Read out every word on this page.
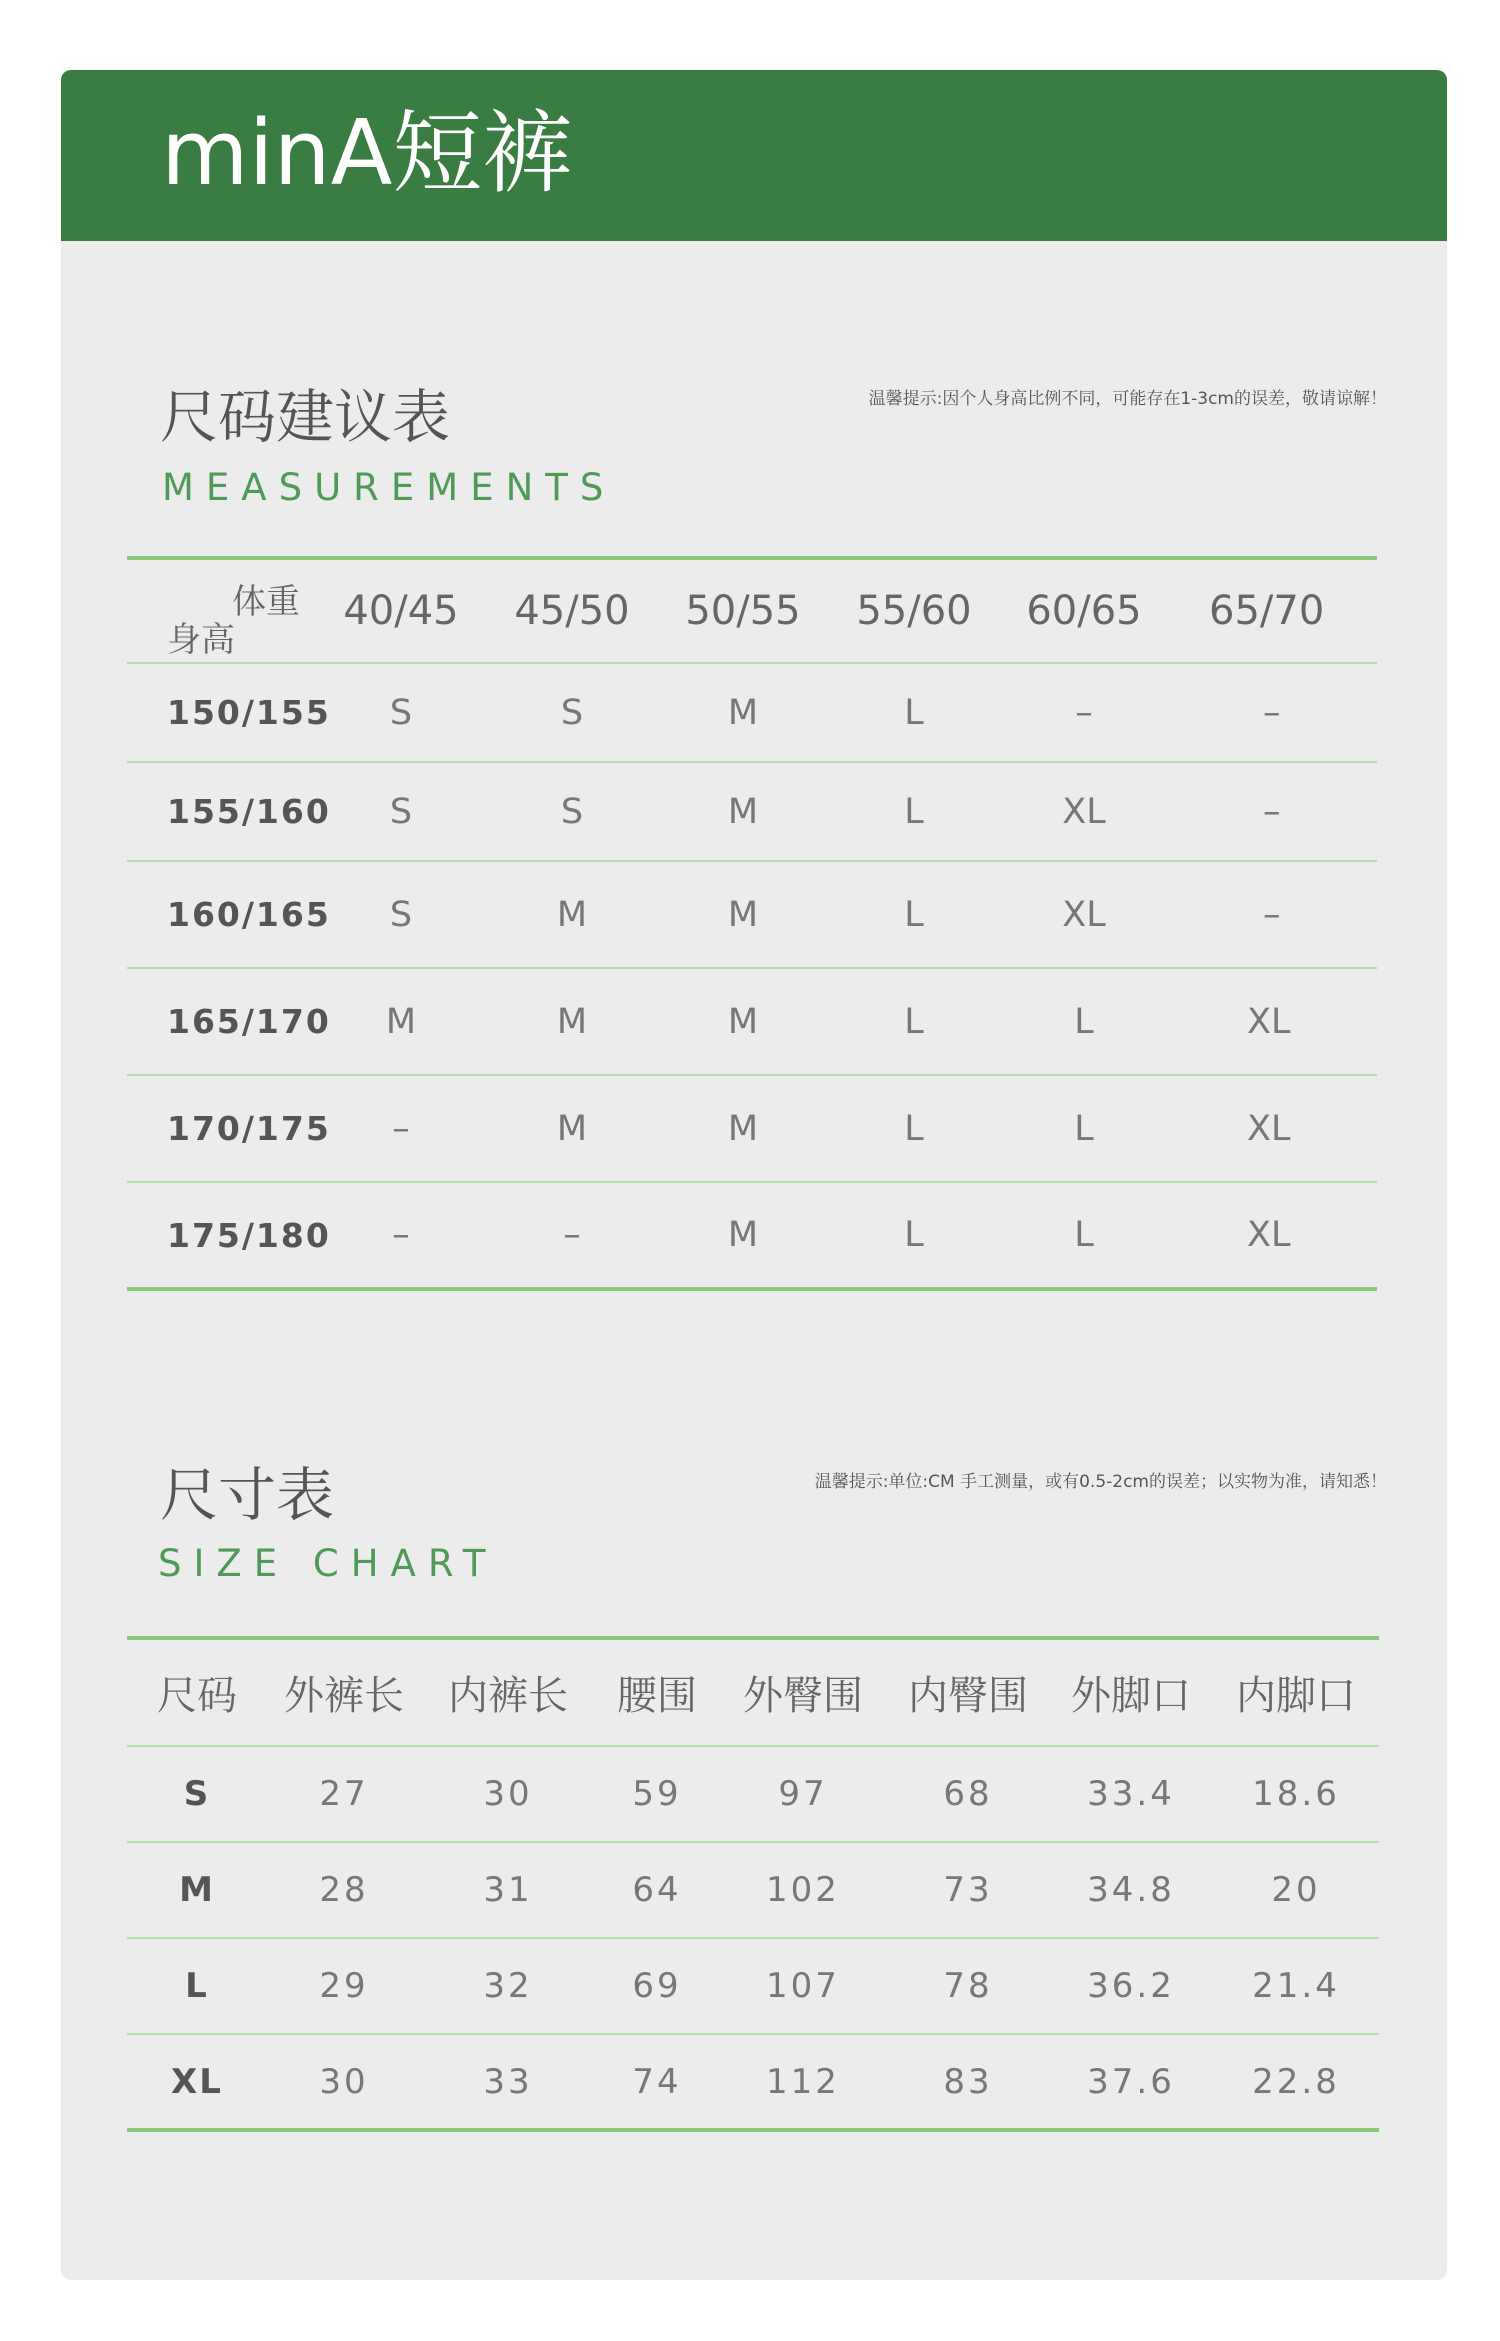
minA短裤
尺码建议表
MEASUREMENTS
温馨提示:因个人身高比例不同，可能存在1-3cm的误差，敬请谅解！
体重
身高	40/45	45/50	50/55	55/60	60/65	65/70
150/155	S	S	M	L	–	–
155/160	S	S	M	L	XL	–
160/165	S	M	M	L	XL	–
165/170	M	M	M	L	L	XL
170/175	–	M	M	L	L	XL
175/180	–	–	M	L	L	XL
尺寸表
SIZE CHART
温馨提示:单位:CM 手工测量，或有0.5-2cm的误差；以实物为准，请知悉！
尺码	外裤长	内裤长	腰围	外臀围	内臀围	外脚口	内脚口
S	27	30	59	97	68	33.4	18.6
M	28	31	64	102	73	34.8	20
L	29	32	69	107	78	36.2	21.4
XL	30	33	74	112	83	37.6	22.8
